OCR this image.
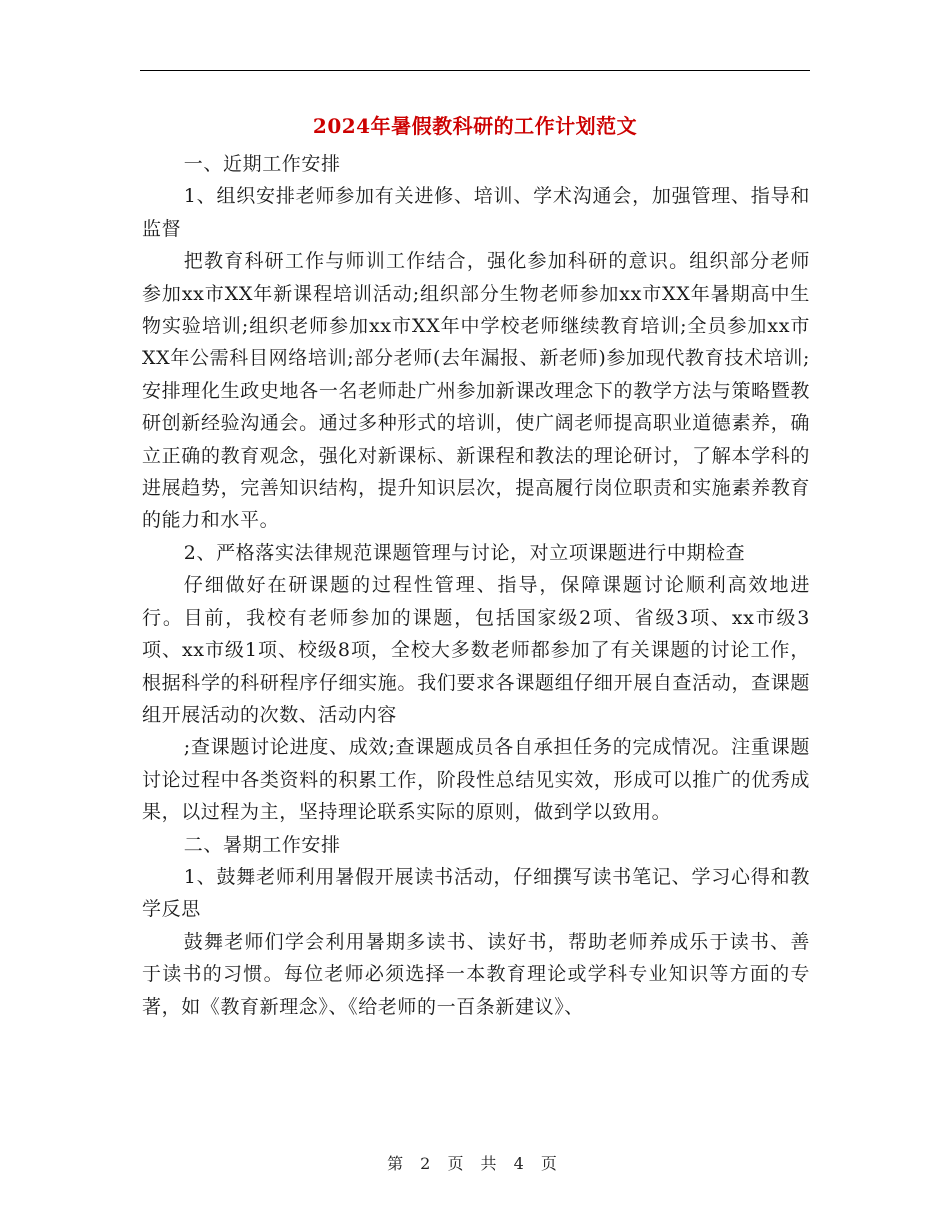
2024年暑假教科研的工作计划范文

一、近期工作安排

1、组织安排老师参加有关进修、培训、学术沟通会，加强管理、指导和监督

把教育科研工作与师训工作结合，强化参加科研的意识。组织部分老师参加xx市XX年新课程培训活动;组织部分生物老师参加xx市XX年暑期高中生物实验培训;组织老师参加xx市XX年中学校老师继续教育培训;全员参加xx市XX年公需科目网络培训;部分老师(去年漏报、新老师)参加现代教育技术培训;安排理化生政史地各一名老师赴广州参加新课改理念下的教学方法与策略暨教研创新经验沟通会。通过多种形式的培训，使广阔老师提高职业道德素养，确立正确的教育观念，强化对新课标、新课程和教法的理论研讨，了解本学科的进展趋势，完善知识结构，提升知识层次，提高履行岗位职责和实施素养教育的能力和水平。

2、严格落实法律规范课题管理与讨论，对立项课题进行中期检查

仔细做好在研课题的过程性管理、指导，保障课题讨论顺利高效地进行。目前，我校有老师参加的课题，包括国家级2项、省级3项、xx市级3项、xx市级1项、校级8项，全校大多数老师都参加了有关课题的讨论工作，根据科学的科研程序仔细实施。我们要求各课题组仔细开展自查活动，查课题组开展活动的次数、活动内容

;查课题讨论进度、成效;查课题成员各自承担任务的完成情况。注重课题讨论过程中各类资料的积累工作，阶段性总结见实效，形成可以推广的优秀成果，以过程为主，坚持理论联系实际的原则，做到学以致用。

二、暑期工作安排

1、鼓舞老师利用暑假开展读书活动，仔细撰写读书笔记、学习心得和教学反思

鼓舞老师们学会利用暑期多读书、读好书，帮助老师养成乐于读书、善于读书的习惯。每位老师必须选择一本教育理论或学科专业知识等方面的专著，如《教育新理念》、《给老师的一百条新建议》、

第 2 页 共 4 页
